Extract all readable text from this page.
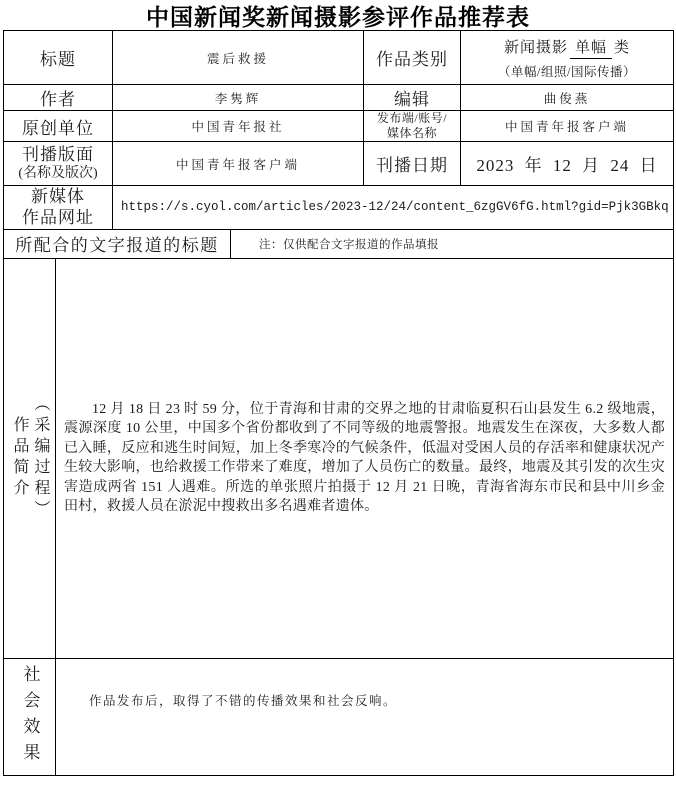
中国新闻奖新闻摄影参评作品推荐表
标题		震后救援		作品类别	新闻摄影 单幅 类
（单幅/组照/国际传播）

作者		李隽辉		编辑	曲俊燕
原创单位		中国青年报社		发布端/账号/
媒体名称	中国青年报客户端

刊播版面
(名称及版次)		中国青年报客户端		刊播日期	2023 年 12 月 24 日

新媒体
作品网址		https://s.cyol.com/articles/2023-12/24/content_6zgGV6fG.html?gid=Pjk3GBkq			
所配合的文字报道的标题			注：仅供配合文字报道的作品填报		

作品简介 （采编过程）	12 月 18 日 23 时 59 分，位于青海和甘肃的交界之地的甘肃临夏积石山县发生 6.2 级地震，震源深度 10 公里，中国多个省份都收到了不同等级的地震警报。地震发生在深夜，大多数人都已入睡，反应和逃生时间短，加上冬季寒冷的气候条件，低温对受困人员的存活率和健康状况产生较大影响，也给救援工作带来了难度，增加了人员伤亡的数量。最终，地震及其引发的次生灾害造成两省 151 人遇难。所选的单张照片拍摄于 12 月 21 日晚，青海省海东市民和县中川乡金田村，救援人员在淤泥中搜救出多名遇难者遗体。				

社会效果	作品发布后，取得了不错的传播效果和社会反响。				
